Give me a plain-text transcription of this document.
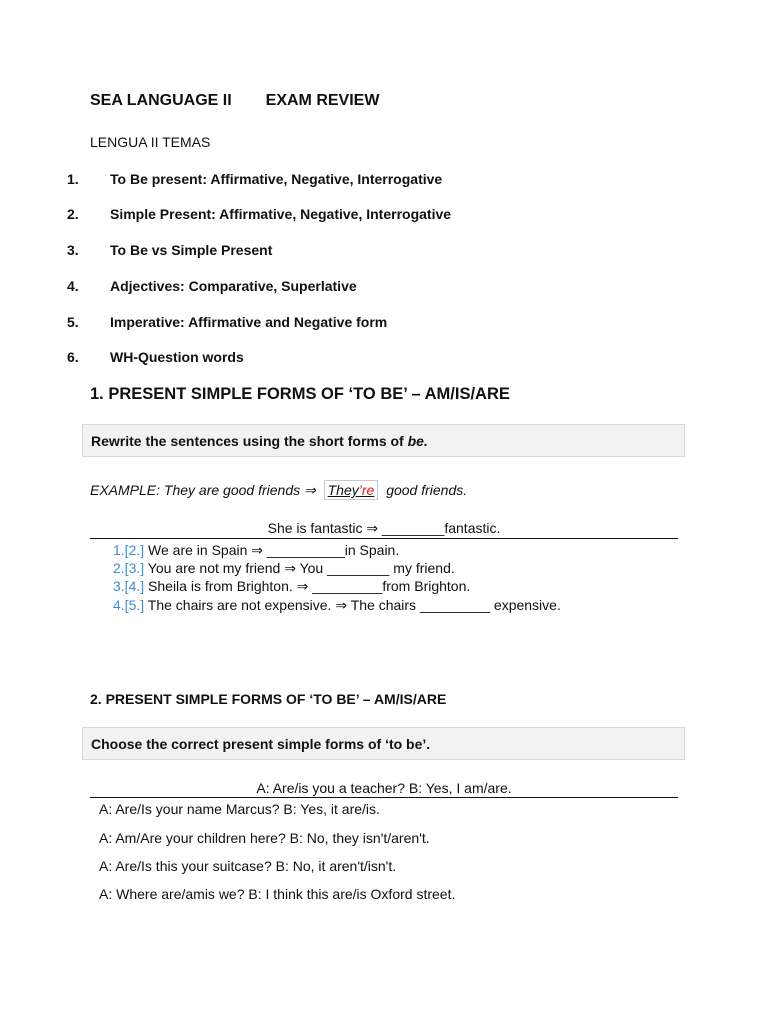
SEA LANGUAGE II EXAM REVIEW
LENGUA II TEMAS
1. To Be present: Affirmative, Negative, Interrogative
2. Simple Present: Affirmative, Negative, Interrogative
3. To Be vs Simple Present
4. Adjectives: Comparative, Superlative
5. Imperative: Affirmative and Negative form
6. WH-Question words
1. PRESENT SIMPLE FORMS OF ‘TO BE’ – AM/IS/ARE
Rewrite the sentences using the short forms of be.
EXAMPLE: They are good friends ⇒ They’re good friends.
She is fantastic ⇒ ________fantastic.
1.[2.] We are in Spain ⇒ __________in Spain.
2.[3.] You are not my friend ⇒ You ________ my friend.
3.[4.] Sheila is from Brighton. ⇒ _________from Brighton.
4.[5.] The chairs are not expensive. ⇒ The chairs _________ expensive.
2. PRESENT SIMPLE FORMS OF ‘TO BE’ – AM/IS/ARE
Choose the correct present simple forms of ‘to be’.
A: Are/is you a teacher? B: Yes, I am/are.
A: Are/Is your name Marcus? B: Yes, it are/is.
A: Am/Are your children here? B: No, they isn't/aren't.
A: Are/Is this your suitcase? B: No, it aren't/isn't.
A: Where are/amis we? B: I think this are/is Oxford street.
